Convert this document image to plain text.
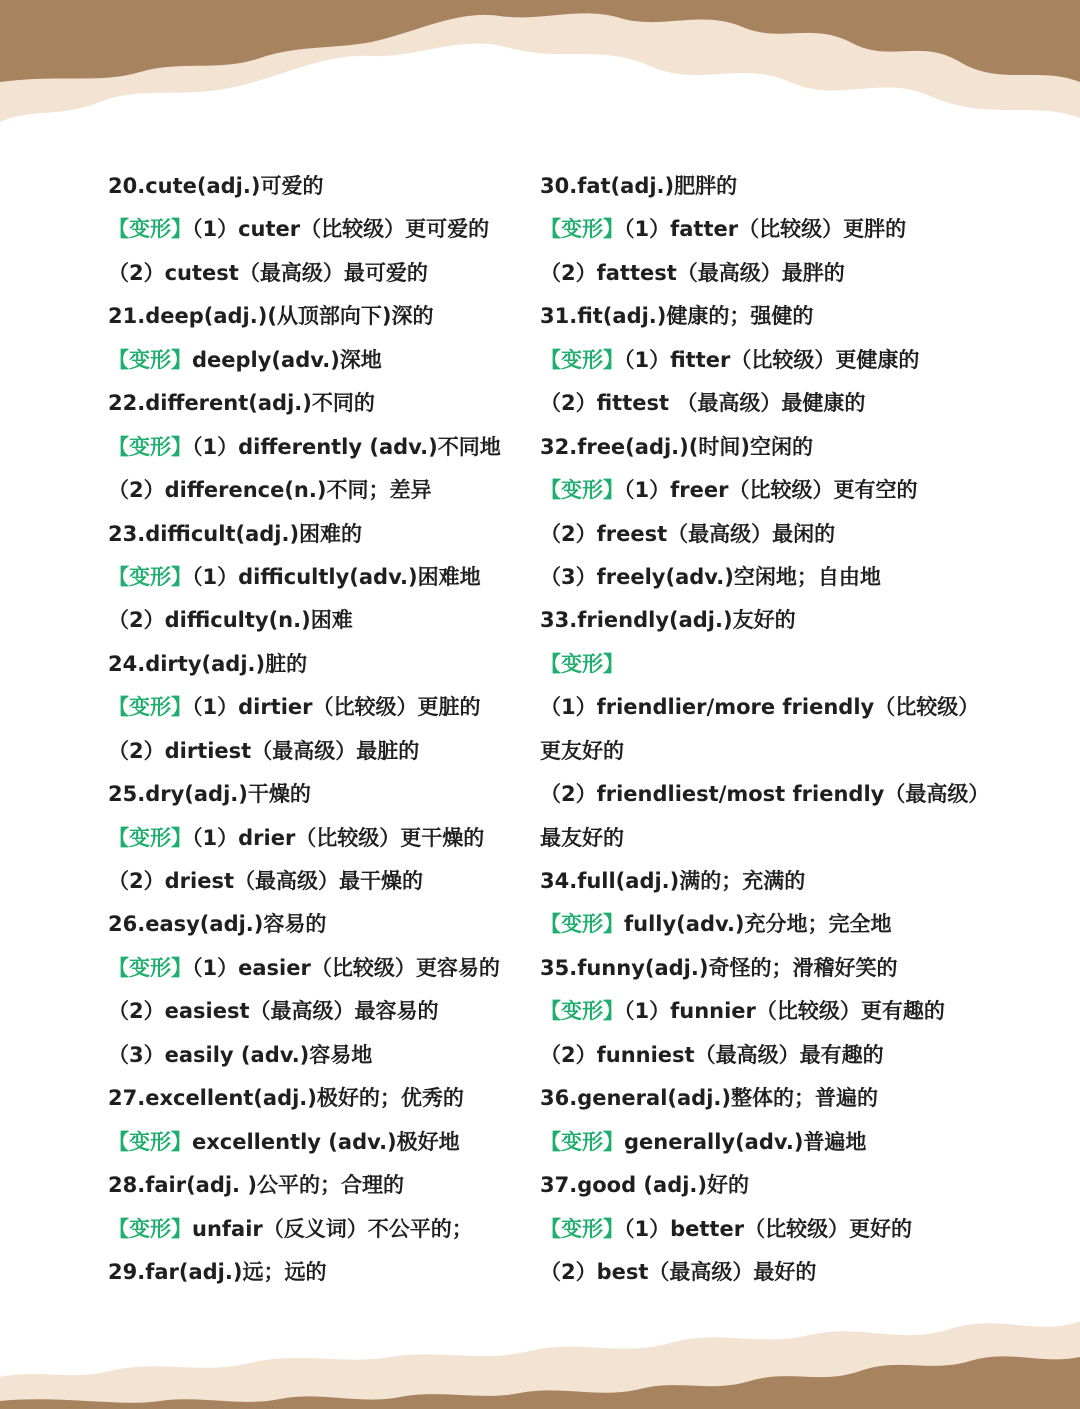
20.cute(adj.)可爱的
【变形】（1）cuter（比较级）更可爱的
（2）cutest（最高级）最可爱的
21.deep(adj.)(从顶部向下)深的
【变形】deeply(adv.)深地
22.different(adj.)不同的
【变形】（1）differently (adv.)不同地
（2）difference(n.)不同；差异
23.difficult(adj.)困难的
【变形】（1）difficultly(adv.)困难地
（2）difficulty(n.)困难
24.dirty(adj.)脏的
【变形】（1）dirtier（比较级）更脏的
（2）dirtiest（最高级）最脏的
25.dry(adj.)干燥的
【变形】（1）drier（比较级）更干燥的
（2）driest（最高级）最干燥的
26.easy(adj.)容易的
【变形】（1）easier（比较级）更容易的
（2）easiest（最高级）最容易的
（3）easily (adv.)容易地
27.excellent(adj.)极好的；优秀的
【变形】excellently (adv.)极好地
28.fair(adj. )公平的；合理的
【变形】unfair（反义词）不公平的；
29.far(adj.)远；远的
30.fat(adj.)肥胖的
【变形】（1）fatter（比较级）更胖的
（2）fattest（最高级）最胖的
31.fit(adj.)健康的；强健的
【变形】（1）fitter（比较级）更健康的
（2）fittest （最高级）最健康的
32.free(adj.)(时间)空闲的
【变形】（1）freer（比较级）更有空的
（2）freest（最高级）最闲的
（3）freely(adv.)空闲地；自由地
33.friendly(adj.)友好的
【变形】
（1）friendlier/more friendly（比较级）
更友好的
（2）friendliest/most friendly（最高级）
最友好的
34.full(adj.)满的；充满的
【变形】fully(adv.)充分地；完全地
35.funny(adj.)奇怪的；滑稽好笑的
【变形】（1）funnier（比较级）更有趣的
（2）funniest（最高级）最有趣的
36.general(adj.)整体的；普遍的
【变形】generally(adv.)普遍地
37.good (adj.)好的
【变形】（1）better（比较级）更好的
（2）best（最高级）最好的
